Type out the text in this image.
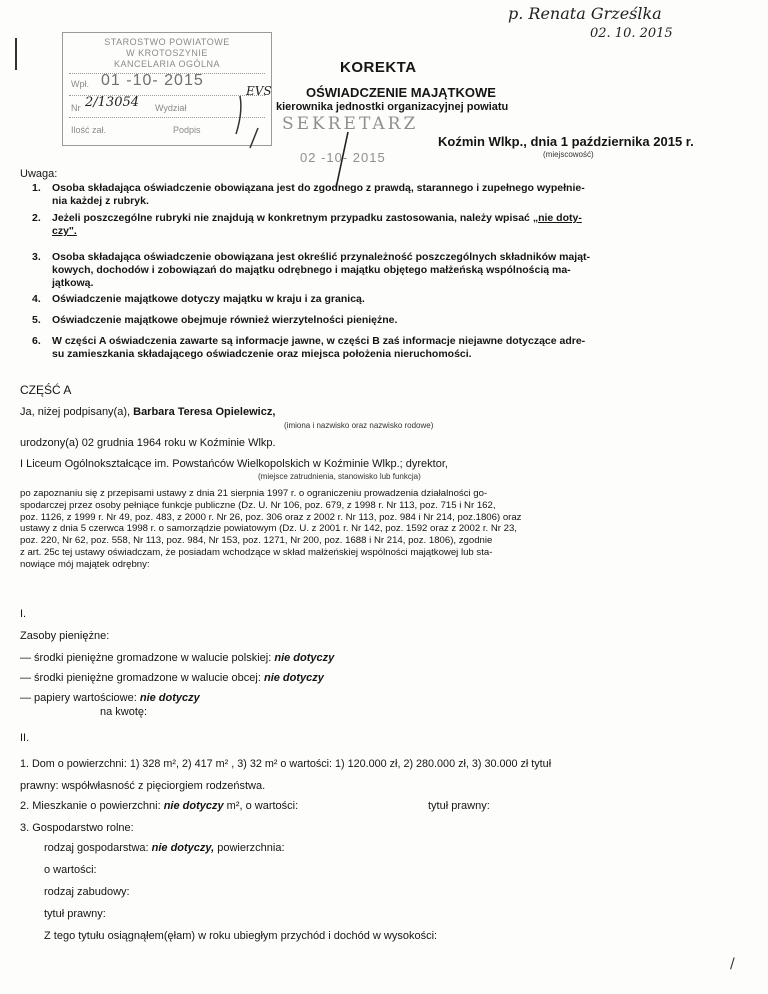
p. Renata Grześlka
02. 10. 2015
STAROSTWO POWIATOWE
W KROTOSZYNIE
KANCELARIA OGÓLNA
Wpł. 01 -10- 2015
Nr 2/13054 Wydział
Ilość zał.	Podpis
EVS
SEKRETARZ
02 -10- 2015
KOREKTA
OŚWIADCZENIE MAJĄTKOWE
kierownika jednostki organizacyjnej powiatu
Koźmin Wlkp., dnia 1 października 2015 r.
(miejscowość)
Uwaga:
1. Osoba składająca oświadczenie obowiązana jest do zgodnego z prawdą, starannego i zupełnego wypełnie-
nia każdej z rubryk.
2. Jeżeli poszczególne rubryki nie znajdują w konkretnym przypadku zastosowania, należy wpisać „nie doty-
czy".
3. Osoba składająca oświadczenie obowiązana jest określić przynależność poszczególnych składników mająt-
kowych, dochodów i zobowiązań do majątku odrębnego i majątku objętego małżeńską wspólnością ma-
jątkową.
4. Oświadczenie majątkowe dotyczy majątku w kraju i za granicą.
5. Oświadczenie majątkowe obejmuje również wierzytelności pieniężne.
6. W części A oświadczenia zawarte są informacje jawne, w części B zaś informacje niejawne dotyczące adre-
su zamieszkania składającego oświadczenie oraz miejsca położenia nieruchomości.
CZĘŚĆ A
Ja, niżej podpisany(a), Barbara Teresa Opielewicz,
(imiona i nazwisko oraz nazwisko rodowe)
urodzony(a) 02 grudnia 1964 roku w Koźminie Wlkp.
I Liceum Ogólnokształcące im. Powstańców Wielkopolskich w Koźminie Wlkp.; dyrektor,
(miejsce zatrudnienia, stanowisko lub funkcja)
po zapoznaniu się z przepisami ustawy z dnia 21 sierpnia 1997 r. o ograniczeniu prowadzenia działalności go-
spodarczej przez osoby pełniące funkcje publiczne (Dz. U. Nr 106, poz. 679, z 1998 r. Nr 113, poz. 715 i Nr 162,
poz. 1126, z 1999 r. Nr 49, poz. 483, z 2000 r. Nr 26, poz. 306 oraz z 2002 r. Nr 113, poz. 984 i Nr 214, poz.1806) oraz
ustawy z dnia 5 czerwca 1998 r. o samorządzie powiatowym (Dz. U. z 2001 r. Nr 142, poz. 1592 oraz z 2002 r. Nr 23,
poz. 220, Nr 62, poz. 558, Nr 113, poz. 984, Nr 153, poz. 1271, Nr 200, poz. 1688 i Nr 214, poz. 1806), zgodnie
z art. 25c tej ustawy oświadczam, że posiadam wchodzące w skład małżeńskiej wspólności majątkowej lub sta-
nowiące mój majątek odrębny:
I.
Zasoby pieniężne:
— środki pieniężne gromadzone w walucie polskiej: nie dotyczy
— środki pieniężne gromadzone w walucie obcej: nie dotyczy
— papiery wartościowe: nie dotyczy
na kwotę:
II.
1. Dom o powierzchni: 1) 328 m², 2) 417 m² , 3) 32 m² o wartości: 1) 120.000 zł, 2) 280.000 zł, 3) 30.000 zł tytuł
prawny: współwłasność z pięciorgiem rodzeństwa.
2. Mieszkanie o powierzchni: nie dotyczy m², o wartości:	tytuł prawny:
3. Gospodarstwo rolne:
rodzaj gospodarstwa: nie dotyczy, powierzchnia:
o wartości:
rodzaj zabudowy:
tytuł prawny:
Z tego tytułu osiągnąłem(ęłam) w roku ubiegłym przychód i dochód w wysokości:
/
